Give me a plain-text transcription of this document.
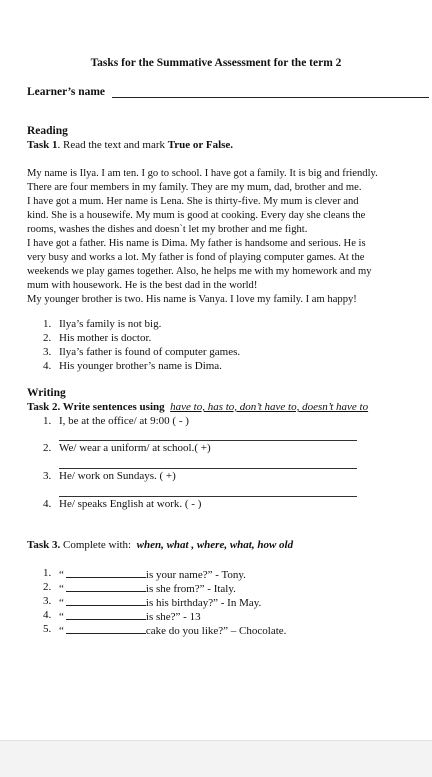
Tasks for the Summative Assessment for the term 2
Learner’s name
Reading
Task 1. Read the text and mark True or False.
My name is Ilya. I am ten. I go to school. I have got a family. It is big and friendly.
There are four members in my family. They are my mum, dad, brother and me.
I have got a mum. Her name is Lena. She is thirty-five. My mum is clever and
kind. She is a housewife. My mum is good at cooking. Every day she cleans the
rooms, washes the dishes and doesn`t let my brother and me fight.
I have got a father. His name is Dima. My father is handsome and serious. He is
very busy and works a lot. My father is fond of playing computer games. At the
weekends we play games together. Also, he helps me with my homework and my
mum with housework. He is the best dad in the world!
My younger brother is two. His name is Vanya. I love my family. I am happy!
1. Ilya’s family is not big.
2. His mother is doctor.
3. Ilya’s father is found of computer games.
4. His younger brother’s name is Dima.
Writing
Task 2. Write sentences using have to, has to, don’t have to, doesn’t have to
1. I, be at the office/ at 9:00 ( - )
2. We/ wear a uniform/ at school.( +)
3. He/ work on Sundays. ( +)
4. He/ speaks English at work. ( - )
Task 3. Complete with: when, what , where, what, how old
1. “	is your name?” - Tony.
2. “	is she from?” - Italy.
3. “	is his birthday?” - In May.
4. “	is she?” - 13
5. “	cake do you like?” – Chocolate.
